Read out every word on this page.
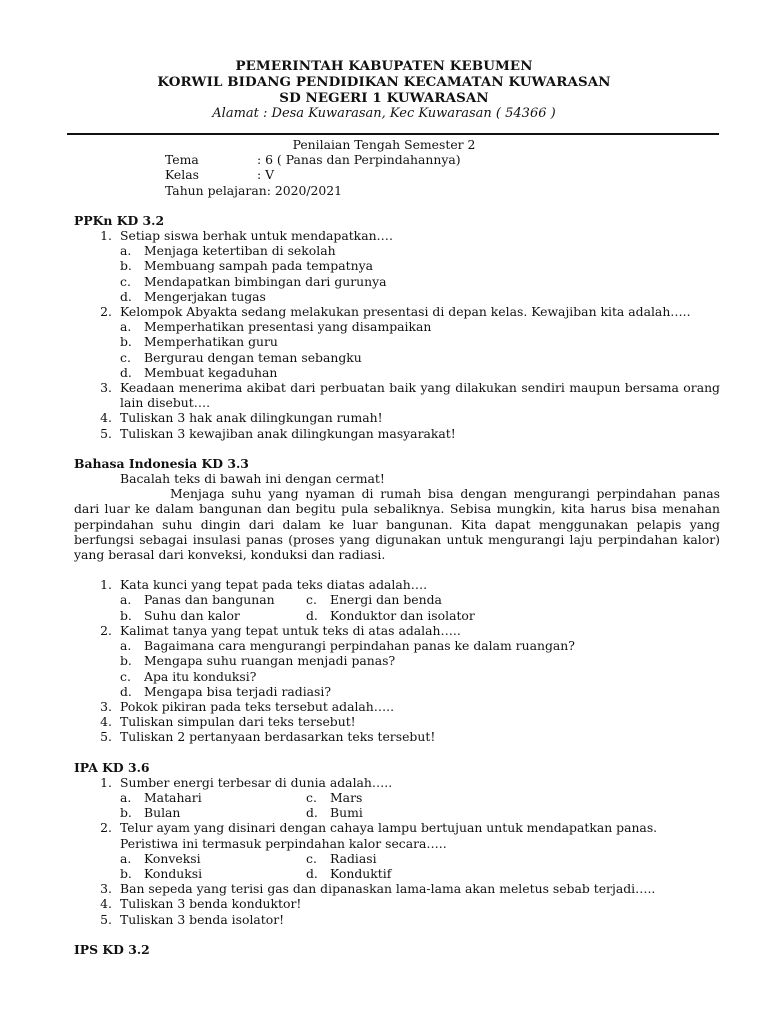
PEMERINTAH KABUPATEN KEBUMEN
KORWIL BIDANG PENDIDIKAN KECAMATAN KUWARASAN
SD NEGERI 1 KUWARASAN
Alamat : Desa Kuwarasan, Kec Kuwarasan ( 54366 )
Penilaian Tengah Semester 2
Tema	: 6 ( Panas dan Perpindahannya)
Kelas	: V
Tahun pelajaran: 2020/2021
PPKn KD 3.2
1. Setiap siswa berhak untuk mendapatkan….
a.	Menjaga ketertiban di sekolah
b. Membuang sampah pada tempatnya
c.	Mendapatkan bimbingan dari gurunya
d. Mengerjakan tugas
2. Kelompok Abyakta sedang melakukan presentasi di depan kelas. Kewajiban kita adalah…..
a.	Memperhatikan presentasi yang disampaikan
b. Memperhatikan guru
c.	Bergurau dengan teman sebangku
d. Membuat kegaduhan
3. Keadaan menerima akibat dari perbuatan baik yang dilakukan sendiri maupun bersama orang lain disebut….
4. Tuliskan 3 hak anak dilingkungan rumah!
5. Tuliskan 3 kewajiban anak dilingkungan masyarakat!
Bahasa Indonesia KD 3.3
Bacalah teks di bawah ini dengan cermat!
Menjaga suhu yang nyaman di rumah bisa dengan mengurangi perpindahan panas dari luar ke dalam bangunan dan begitu pula sebaliknya. Sebisa mungkin, kita harus bisa menahan perpindahan suhu dingin dari dalam ke luar bangunan. Kita dapat menggunakan pelapis yang berfungsi sebagai insulasi panas (proses yang digunakan untuk mengurangi laju perpindahan kalor) yang berasal dari konveksi, konduksi dan radiasi.
1. Kata kunci yang tepat pada teks diatas adalah….
a.	Panas dan bangunan	c.	Energi dan benda
b. Suhu dan kalor	d. Konduktor dan isolator
2. Kalimat tanya yang tepat untuk teks di atas adalah…..
a.	Bagaimana cara mengurangi perpindahan panas ke dalam ruangan?
b. Mengapa suhu ruangan menjadi panas?
c.	Apa itu konduksi?
d. Mengapa bisa terjadi radiasi?
3. Pokok pikiran pada teks tersebut adalah…..
4. Tuliskan simpulan dari teks tersebut!
5. Tuliskan 2 pertanyaan berdasarkan teks tersebut!
IPA KD 3.6
1. Sumber energi terbesar di dunia adalah…..
a.	Matahari	c.	Mars
b. Bulan	d. Bumi
2. Telur ayam yang disinari dengan cahaya lampu bertujuan untuk mendapatkan panas.
Peristiwa ini termasuk perpindahan kalor secara…..
a.	Konveksi	c.	Radiasi
b. Konduksi	d. Konduktif
3. Ban sepeda yang terisi gas dan dipanaskan lama-lama akan meletus sebab terjadi…..
4. Tuliskan 3 benda konduktor!
5. Tuliskan 3 benda isolator!
IPS KD 3.2
